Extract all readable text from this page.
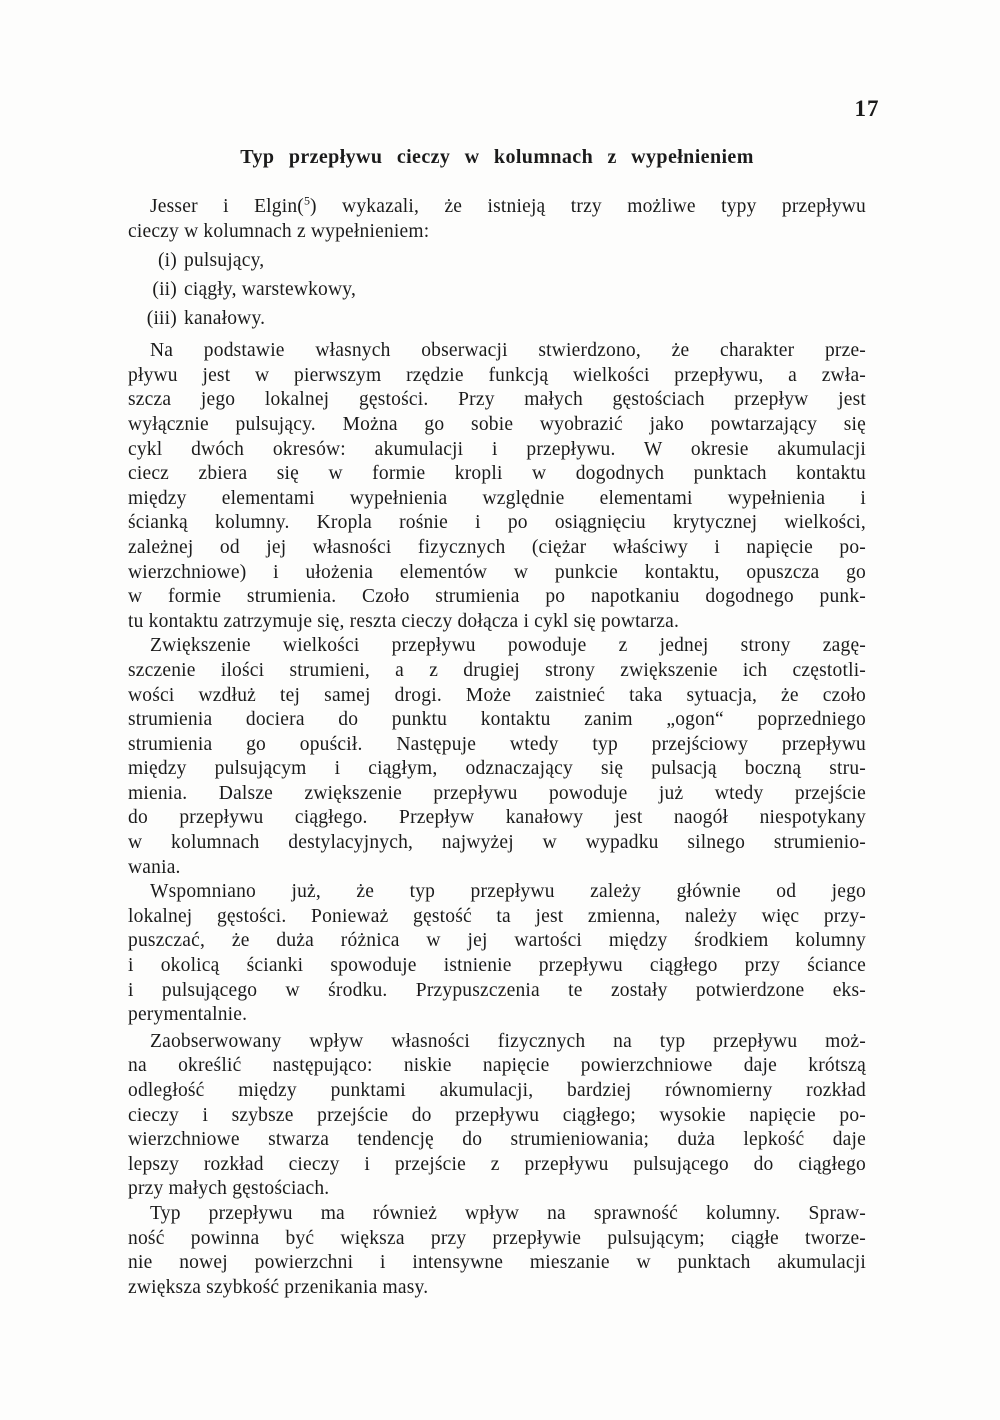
17
Typ przepływu cieczy w kolumnach z wypełnieniem
Jesser i Elgin($^5$) wykazali, że istnieją trzy możliwe typy przepływu
cieczy w kolumnach z wypełnieniem:
(i) pulsujący,
(ii) ciągły, warstewkowy,
(iii) kanałowy.
Na podstawie własnych obserwacji stwierdzono, że charakter prze-
pływu jest w pierwszym rzędzie funkcją wielkości przepływu, a zwła-
szcza jego lokalnej gęstości. Przy małych gęstościach przepływ jest
wyłącznie pulsujący. Można go sobie wyobrazić jako powtarzający się
cykl dwóch okresów: akumulacji i przepływu. W okresie akumulacji
ciecz zbiera się w formie kropli w dogodnych punktach kontaktu
między elementami wypełnienia względnie elementami wypełnienia i
ścianką kolumny. Kropla rośnie i po osiągnięciu krytycznej wielkości,
zależnej od jej własności fizycznych (ciężar właściwy i napięcie po-
wierzchniowe) i ułożenia elementów w punkcie kontaktu, opuszcza go
w formie strumienia. Czoło strumienia po napotkaniu dogodnego punk-
tu kontaktu zatrzymuje się, reszta cieczy dołącza i cykl się powtarza.
Zwiększenie wielkości przepływu powoduje z jednej strony zagę-
szczenie ilości strumieni, a z drugiej strony zwiększenie ich częstotli-
wości wzdłuż tej samej drogi. Może zaistnieć taka sytuacja, że czoło
strumienia dociera do punktu kontaktu zanim „ogon“ poprzedniego
strumienia go opuścił. Następuje wtedy typ przejściowy przepływu
między pulsującym i ciągłym, odznaczający się pulsacją boczną stru-
mienia. Dalsze zwiększenie przepływu powoduje już wtedy przejście
do przepływu ciągłego. Przepływ kanałowy jest naogół niespotykany
w kolumnach destylacyjnych, najwyżej w wypadku silnego strumienio-
wania.
Wspomniano już, że typ przepływu zależy głównie od jego
lokalnej gęstości. Ponieważ gęstość ta jest zmienna, należy więc przy-
puszczać, że duża różnica w jej wartości między środkiem kolumny
i okolicą ścianki spowoduje istnienie przepływu ciągłego przy ściance
i pulsującego w środku. Przypuszczenia te zostały potwierdzone eks-
perymentalnie.
Zaobserwowany wpływ własności fizycznych na typ przepływu moż-
na określić następująco: niskie napięcie powierzchniowe daje krótszą
odległość między punktami akumulacji, bardziej równomierny rozkład
cieczy i szybsze przejście do przepływu ciągłego; wysokie napięcie po-
wierzchniowe stwarza tendencję do strumieniowania; duża lepkość daje
lepszy rozkład cieczy i przejście z przepływu pulsującego do ciągłego
przy małych gęstościach.
Typ przepływu ma również wpływ na sprawność kolumny. Spraw-
ność powinna być większa przy przepływie pulsującym; ciągłe tworze-
nie nowej powierzchni i intensywne mieszanie w punktach akumulacji
zwiększa szybkość przenikania masy.
